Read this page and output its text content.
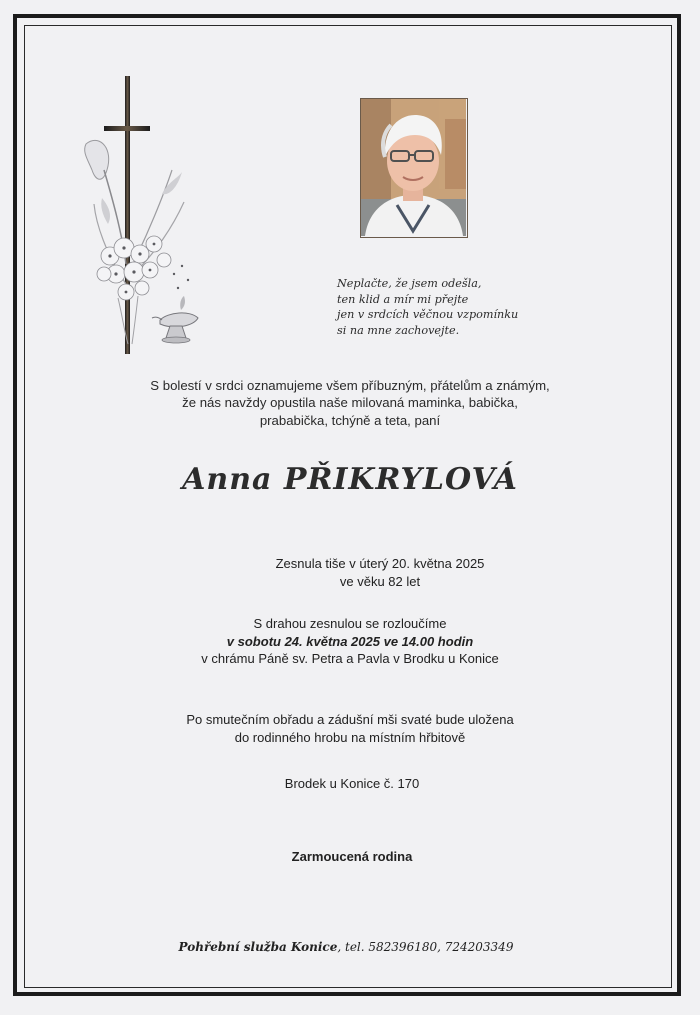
Neplačte, že jsem odešla,
ten klid a mír mi přejte
jen v srdcích věčnou vzpomínku
si na mne zachovejte.
S bolestí v srdci oznamujeme všem příbuzným, přátelům a známým,
že nás navždy opustila naše milovaná maminka, babička,
prababička, tchýně a teta, paní
Anna PŘIKRYLOVÁ
Zesnula tiše v úterý 20. května 2025
ve věku 82 let
S drahou zesnulou se rozloučíme
v sobotu 24. května 2025 ve 14.00 hodin
v chrámu Páně sv. Petra a Pavla v Brodku u Konice
Po smutečním obřadu a zádušní mši svaté bude uložena
do rodinného hrobu na místním hřbitově
Brodek u Konice č. 170
Zarmoucená rodina
Pohřební služba Konice, tel. 582396180, 724203349
